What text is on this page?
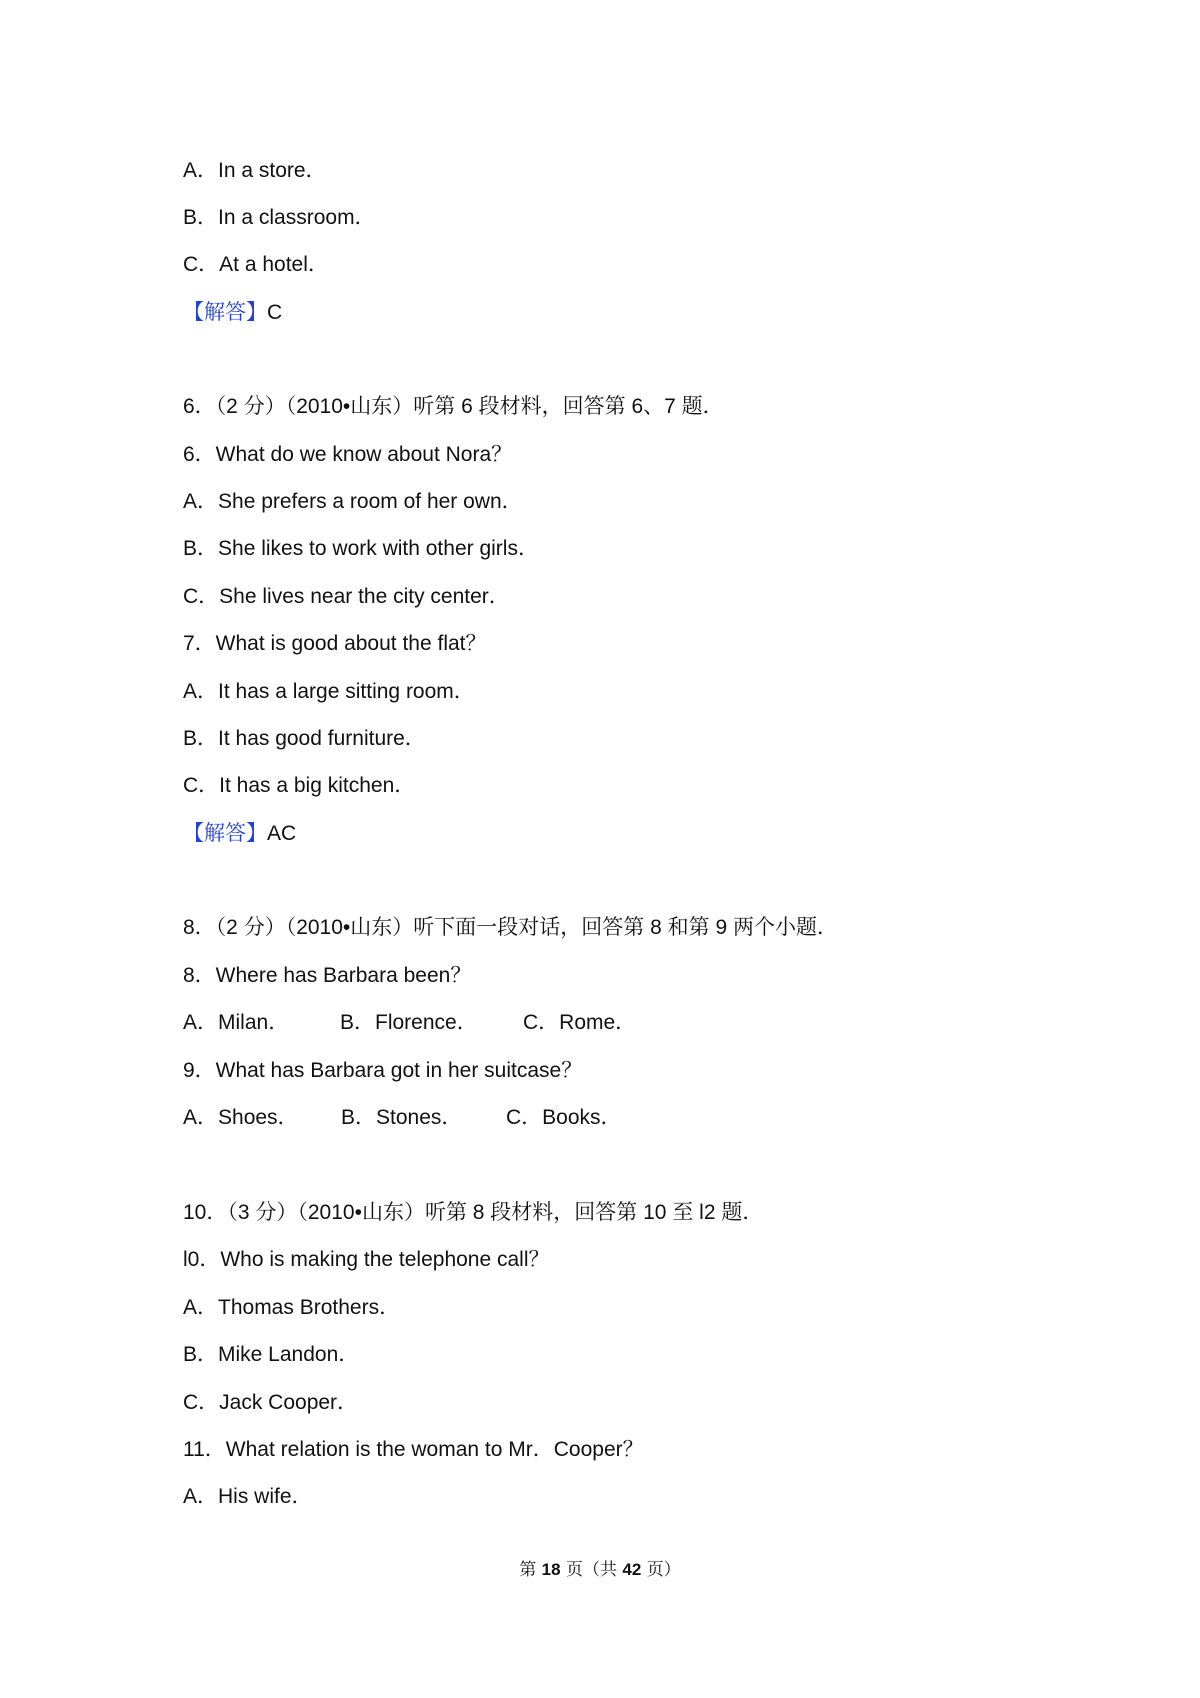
A．In a store．
B．In a classroom．
C．At a hotel．
【解答】C
6．（2 分）（2010•山东）听第 6 段材料，回答第 6、7 题．
6．What do we know about Nora？
A．She prefers a room of her own．
B．She likes to work with other girls．
C．She lives near the city center．
7．What is good about the flat？
A．It has a large sitting room．
B．It has good furniture．
C．It has a big kitchen．
【解答】AC
8．（2 分）（2010•山东）听下面一段对话，回答第 8 和第 9 两个小题．
8．Where has Barbara been？
A．Milan． B．Florence． C．Rome．
9．What has Barbara got in her suitcase？
A．Shoes． B．Stones． C．Books．
10．（3 分）（2010•山东）听第 8 段材料，回答第 10 至 l2 题．
l0．Who is making the telephone call？
A．Thomas Brothers．
B．Mike Landon．
C．Jack Cooper．
11．What relation is the woman to Mr．Cooper？
A．His wife．
第 18 页（共 42 页）
